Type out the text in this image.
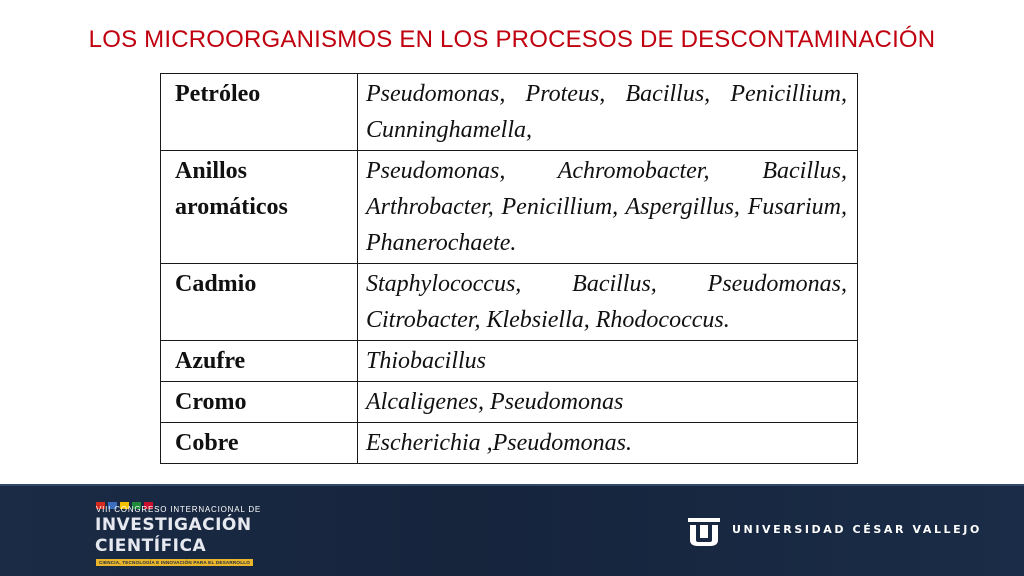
LOS MICROORGANISMOS EN LOS PROCESOS DE DESCONTAMINACIÓN
Petróleo	Pseudomonas, Proteus, Bacillus, Penicillium, Cunninghamella,
Anillos aromáticos	Pseudomonas, Achromobacter, Bacillus, Arthrobacter, Penicillium, Aspergillus, Fusarium, Phanerochaete.
Cadmio	Staphylococcus, Bacillus, Pseudomonas, Citrobacter, Klebsiella, Rhodococcus.
Azufre	Thiobacillus
Cromo	Alcaligenes, Pseudomonas
Cobre	Escherichia ,Pseudomonas.
VIII CONGRESO INTERNACIONAL DE
INVESTIGACIÓN
CIENTÍFICA
CIENCIA, TECNOLOGÍA E INNOVACIÓN PARA EL DESARROLLO
UNIVERSIDAD CÉSAR VALLEJO
